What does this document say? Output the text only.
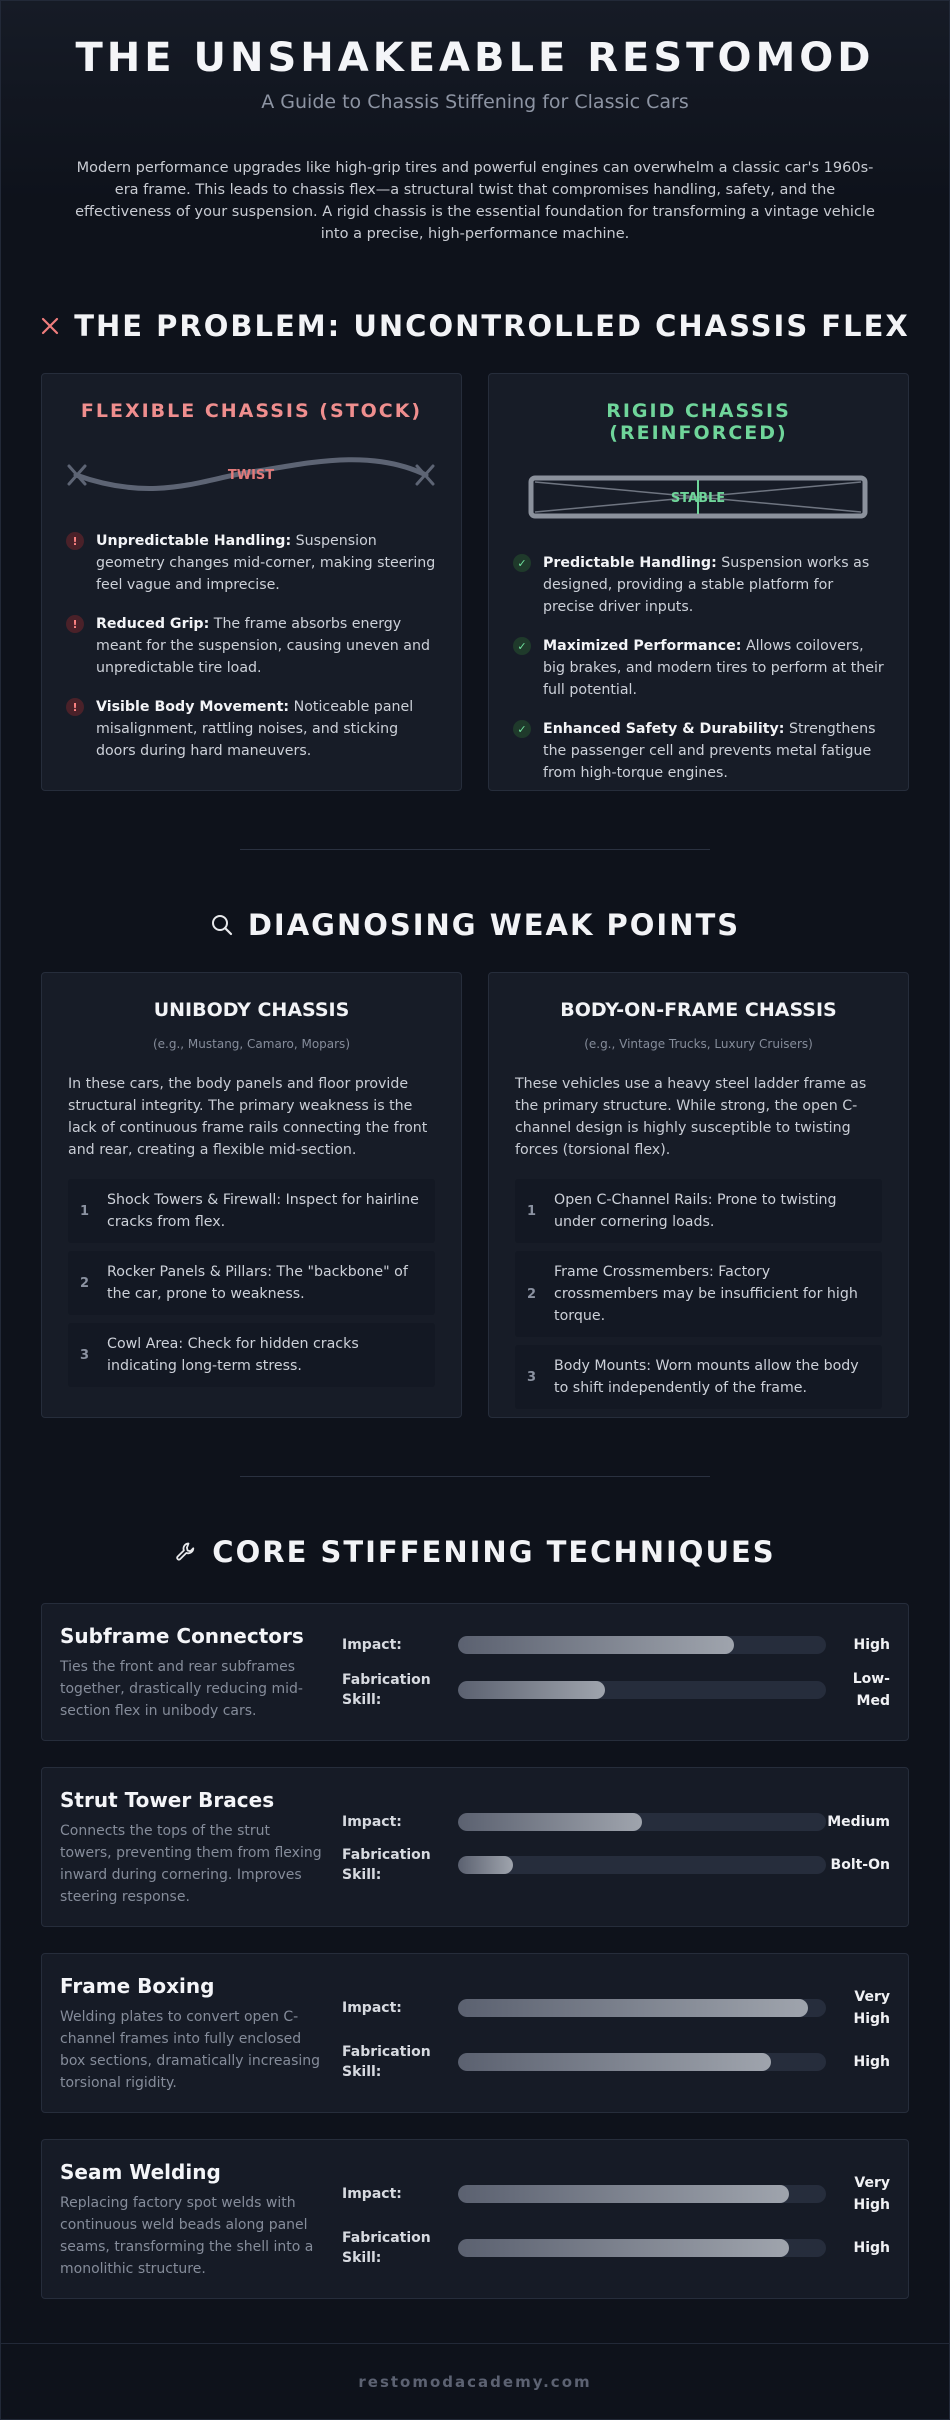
THE UNSHAKEABLE RESTOMOD
A Guide to Chassis Stiffening for Classic Cars

Modern performance upgrades like high-grip tires and powerful engines can overwhelm a classic car's 1960s-era frame. This leads to chassis flex—a structural twist that compromises handling, safety, and the effectiveness of your suspension. A rigid chassis is the essential foundation for transforming a vintage vehicle into a precise, high-performance machine.

THE PROBLEM: UNCONTROLLED CHASSIS FLEX
FLEXIBLE CHASSIS (STOCK)
TWIST
!	Unpredictable Handling: Suspension geometry changes mid-corner, making steering feel vague and imprecise.

!	Reduced Grip: The frame absorbs energy meant for the suspension, causing uneven and unpredictable tire load.

!	Visible Body Movement: Noticeable panel misalignment, rattling noises, and sticking doors during hard maneuvers.

RIGID CHASSIS (REINFORCED)
STABLE
✓	Predictable Handling: Suspension works as designed, providing a stable platform for precise driver inputs.

✓	Maximized Performance: Allows coilovers, big brakes, and modern tires to perform at their full potential.

✓	Enhanced Safety & Durability: Strengthens the passenger cell and prevents metal fatigue from high-torque engines.

DIAGNOSING WEAK POINTS
UNIBODY CHASSIS
(e.g., Mustang, Camaro, Mopars)

In these cars, the body panels and floor provide structural integrity. The primary weakness is the lack of continuous frame rails connecting the front and rear, creating a flexible mid-section.

1
Shock Towers & Firewall: Inspect for hairline cracks from flex.
2
Rocker Panels & Pillars: The "backbone" of the car, prone to weakness.
3
Cowl Area: Check for hidden cracks indicating long-term stress.
BODY-ON-FRAME CHASSIS
(e.g., Vintage Trucks, Luxury Cruisers)

These vehicles use a heavy steel ladder frame as the primary structure. While strong, the open C-channel design is highly susceptible to twisting forces (torsional flex).

1
Open C-Channel Rails: Prone to twisting under cornering loads.
2
Frame Crossmembers: Factory crossmembers may be insufficient for high torque.
3
Body Mounts: Worn mounts allow the body to shift independently of the frame.
CORE STIFFENING TECHNIQUES
Subframe Connectors

Ties the front and rear subframes together, drastically reducing mid-section flex in unibody cars.

Impact:	High
Fabrication Skill:
Low-Med
Strut Tower Braces

Connects the tops of the strut towers, preventing them from flexing inward during cornering. Improves steering response.

Impact:	Medium
Fabrication Skill:
Bolt-On
Frame Boxing

Welding plates to convert open C-channel frames into fully enclosed box sections, dramatically increasing torsional rigidity.

Impact:
Very High
Fabrication Skill:
High
Seam Welding

Replacing factory spot welds with continuous weld beads along panel seams, transforming the shell into a monolithic structure.

Impact:
Very High
Fabrication Skill:
High
restomodacademy.com
